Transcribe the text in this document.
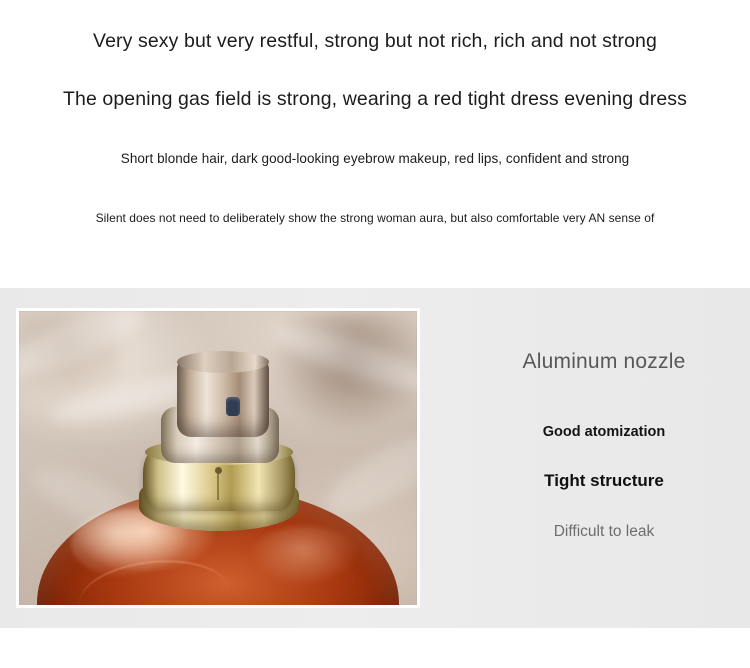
Very sexy but very restful, strong but not rich, rich and not strong
The opening gas field is strong, wearing a red tight dress evening dress
Short blonde hair, dark good-looking eyebrow makeup, red lips, confident and strong
Silent does not need to deliberately show the strong woman aura, but also comfortable very AN sense of
Aluminum nozzle
Good atomization
Tight structure
Difficult to leak
